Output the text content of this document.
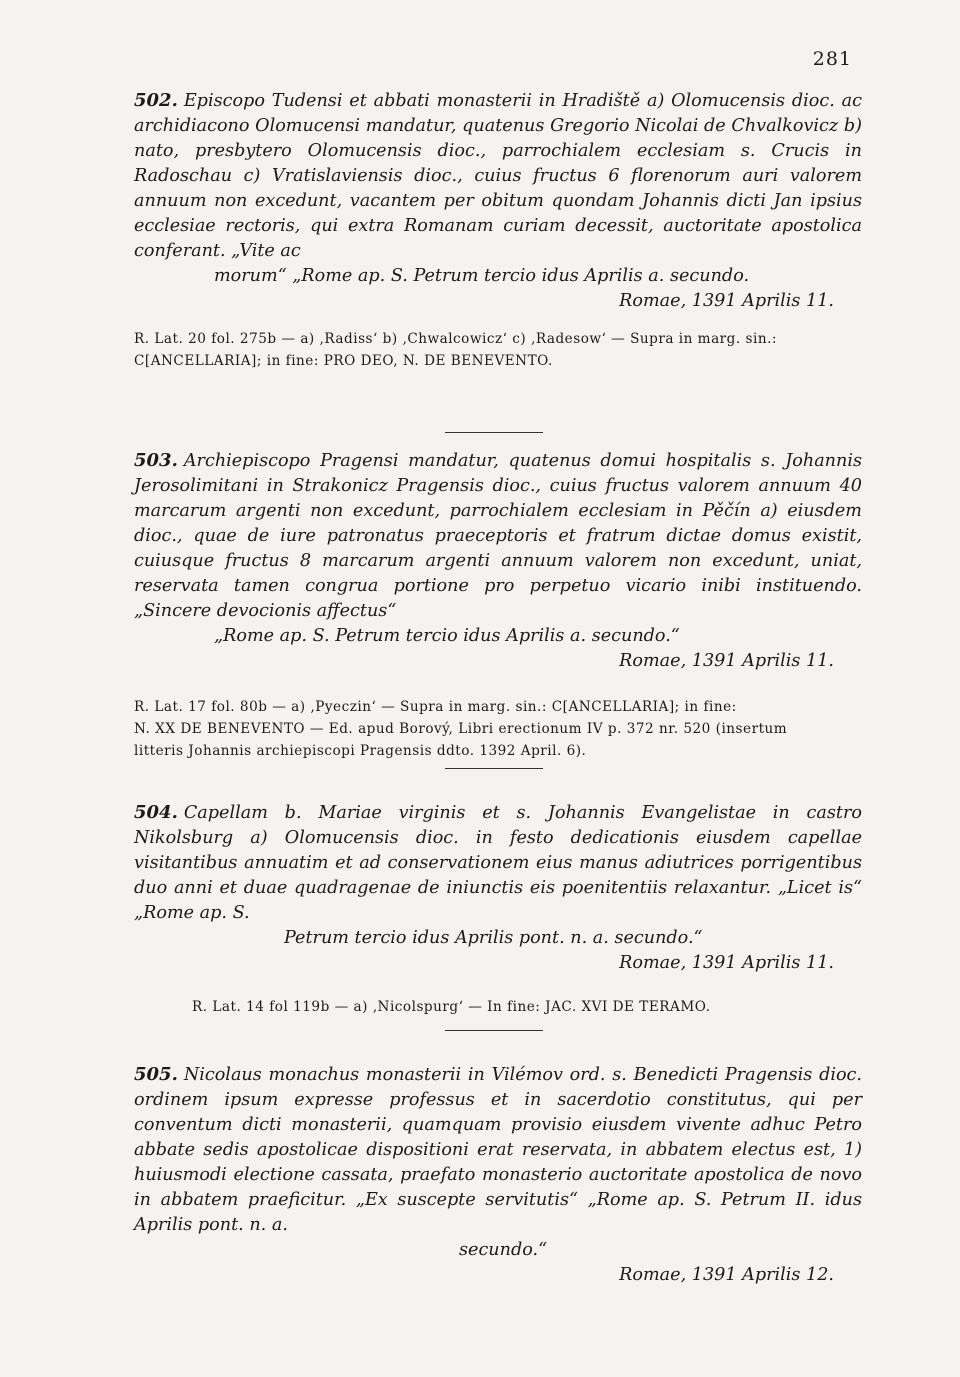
281

502. Episcopo Tudensi et abbati monasterii in Hradiště a) Olomucensis dioc. ac archidiacono Olomucensi mandatur, quatenus Gregorio Nicolai de Chvalkovicz b) nato, presbytero Olomucensis dioc., parrochialem ecclesiam s. Crucis in Radoschau c) Vratislaviensis dioc., cuius fructus 6 florenorum auri valorem annuum non excedunt, vacantem per obitum quondam Johannis dicti Jan ipsius ecclesiae rectoris, qui extra Romanam curiam decessit, auctoritate apostolica conferant. „Vite ac
morum“ „Rome ap. S. Petrum tercio idus Aprilis a. secundo.

Romae, 1391 Aprilis 11.

R. Lat. 20 fol. 275b — a) ‚Radiss‘ b) ‚Chwalcowicz‘ c) ‚Radesow‘ — Supra in marg. sin.:
C[ANCELLARIA]; in fine: PRO DEO, N. DE BENEVENTO.

503. Archiepiscopo Pragensi mandatur, quatenus domui hospitalis s. Johannis Jerosolimitani in Strakonicz Pragensis dioc., cuius fructus valorem annuum 40 marcarum argenti non excedunt, parrochialem ecclesiam in Pěčín a) eiusdem dioc., quae de iure patronatus praeceptoris et fratrum dictae domus existit, cuiusque fructus 8 marcarum argenti annuum valorem non excedunt, uniat, reservata tamen congrua portione pro perpetuo vicario inibi instituendo. „Sincere devocionis affectus“
„Rome ap. S. Petrum tercio idus Aprilis a. secundo.“

Romae, 1391 Aprilis 11.

R. Lat. 17 fol. 80b — a) ‚Pyeczin‘ — Supra in marg. sin.: C[ANCELLARIA]; in fine:
N. XX DE BENEVENTO — Ed. apud Borový, Libri erectionum IV p. 372 nr. 520 (insertum
litteris Johannis archiepiscopi Pragensis ddto. 1392 April. 6).

504. Capellam b. Mariae virginis et s. Johannis Evangelistae in castro Nikolsburg a) Olomucensis dioc. in festo dedicationis eiusdem capellae visitantibus annuatim et ad conservationem eius manus adiutrices porrigentibus duo anni et duae quadragenae de iniunctis eis poenitentiis relaxantur. „Licet is“ „Rome ap. S.
Petrum tercio idus Aprilis pont. n. a. secundo.“

Romae, 1391 Aprilis 11.

R. Lat. 14 fol 119b — a) ‚Nicolspurg‘ — In fine: JAC. XVI DE TERAMO.

505. Nicolaus monachus monasterii in Vilémov ord. s. Benedicti Pragensis dioc. ordinem ipsum expresse professus et in sacerdotio constitutus, qui per conventum dicti monasterii, quamquam provisio eiusdem vivente adhuc Petro abbate sedis apostolicae dispositioni erat reservata, in abbatem electus est, 1) huiusmodi electione cassata, praefato monasterio auctoritate apostolica de novo in abbatem praeficitur. „Ex suscepte servitutis“ „Rome ap. S. Petrum II. idus Aprilis pont. n. a.
secundo.“

Romae, 1391 Aprilis 12.
